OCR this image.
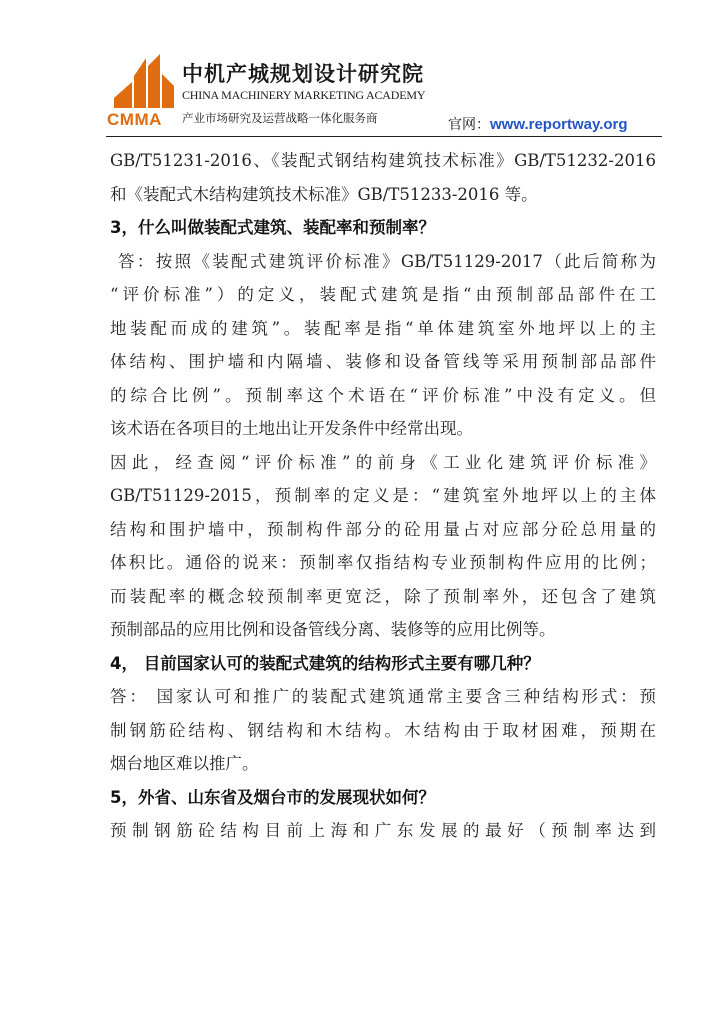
CMMA
中机产城规划设计研究院
CHINA MACHINERY MARKETING ACADEMY
产业市场研究及运营战略一体化服务商	官网：www.reportway.org
GB/T51231-2016、《装配式钢结构建筑技术标准》GB/T51232-2016
和《装配式木结构建筑技术标准》GB/T51233-2016 等。
3，什么叫做装配式建筑、装配率和预制率？
答：按照《装配式建筑评价标准》GB/T51129-2017（此后简称为
“评价标准”）的定义，装配式建筑是指“由预制部品部件在工
地装配而成的建筑”。装配率是指“单体建筑室外地坪以上的主
体结构、围护墙和内隔墙、装修和设备管线等采用预制部品部件
的综合比例”。预制率这个术语在“评价标准”中没有定义。但
该术语在各项目的土地出让开发条件中经常出现。
因此，经查阅“评价标准”的前身《工业化建筑评价标准》
GB/T51129-2015，预制率的定义是：“建筑室外地坪以上的主体
结构和围护墙中，预制构件部分的砼用量占对应部分砼总用量的
体积比。通俗的说来：预制率仅指结构专业预制构件应用的比例；
而装配率的概念较预制率更宽泛，除了预制率外，还包含了建筑
预制部品的应用比例和设备管线分离、装修等的应用比例等。
4， 目前国家认可的装配式建筑的结构形式主要有哪几种？
答： 国家认可和推广的装配式建筑通常主要含三种结构形式：预
制钢筋砼结构、钢结构和木结构。木结构由于取材困难，预期在
烟台地区难以推广。
5，外省、山东省及烟台市的发展现状如何？
预制钢筋砼结构目前上海和广东发展的最好（预制率达到
